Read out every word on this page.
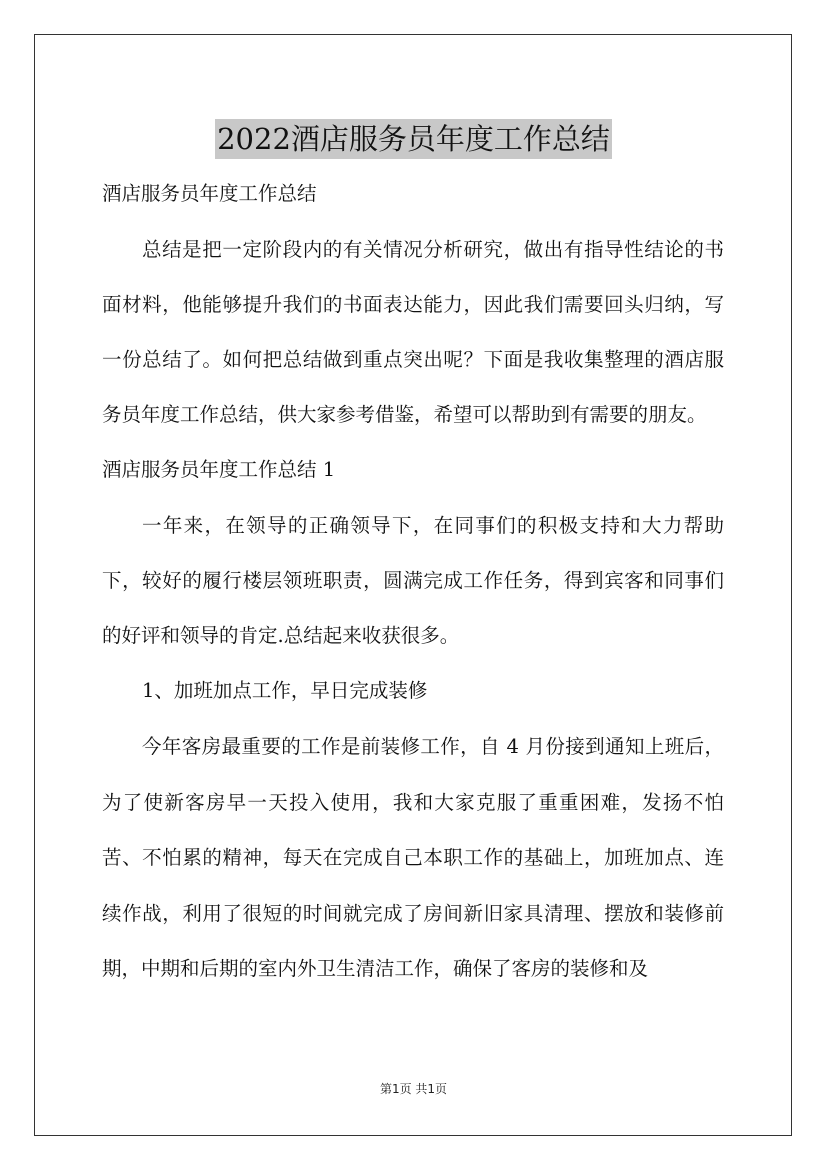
2022酒店服务员年度工作总结
酒店服务员年度工作总结
总结是把一定阶段内的有关情况分析研究，做出有指导性结论的书面材料，他能够提升我们的书面表达能力，因此我们需要回头归纳，写一份总结了。如何把总结做到重点突出呢？下面是我收集整理的酒店服务员年度工作总结，供大家参考借鉴，希望可以帮助到有需要的朋友。
酒店服务员年度工作总结 1
一年来，在领导的正确领导下，在同事们的积极支持和大力帮助下，较好的履行楼层领班职责，圆满完成工作任务，得到宾客和同事们的好评和领导的肯定.总结起来收获很多。
1、加班加点工作，早日完成装修
今年客房最重要的工作是前装修工作，自 4 月份接到通知上班后，为了使新客房早一天投入使用，我和大家克服了重重困难，发扬不怕苦、不怕累的精神，每天在完成自己本职工作的基础上，加班加点、连续作战，利用了很短的时间就完成了房间新旧家具清理、摆放和装修前期，中期和后期的室内外卫生清洁工作，确保了客房的装修和及
第1页 共1页
